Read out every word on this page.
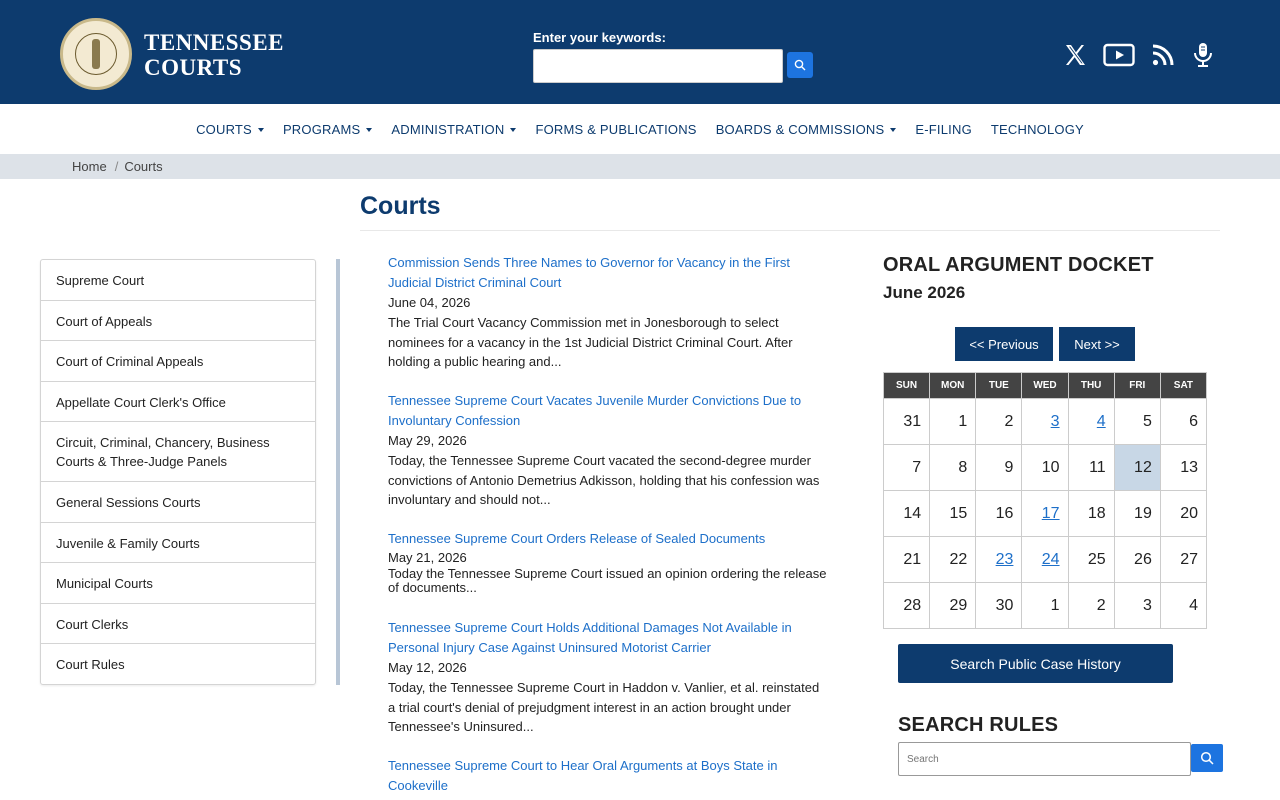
TENNESSEE
COURTS
Enter your keywords:
COURTS	PROGRAMS	ADMINISTRATION	FORMS & PUBLICATIONS	BOARDS & COMMISSIONS	E-FILING	TECHNOLOGY
Home / Courts
Courts
Supreme Court
Court of Appeals
Court of Criminal Appeals
Appellate Court Clerk's Office
Circuit, Criminal, Chancery, Business Courts & Three-Judge Panels
General Sessions Courts
Juvenile & Family Courts
Municipal Courts
Court Clerks
Court Rules
Commission Sends Three Names to Governor for Vacancy in the First Judicial District Criminal Court
June 04, 2026
The Trial Court Vacancy Commission met in Jonesborough to select nominees for a vacancy in the 1st Judicial District Criminal Court. After holding a public hearing and...
Tennessee Supreme Court Vacates Juvenile Murder Convictions Due to Involuntary Confession
May 29, 2026
Today, the Tennessee Supreme Court vacated the second-degree murder convictions of Antonio Demetrius Adkisson, holding that his confession was involuntary and should not...
Tennessee Supreme Court Orders Release of Sealed Documents
May 21, 2026
Today the Tennessee Supreme Court issued an opinion ordering the release of documents...
Tennessee Supreme Court Holds Additional Damages Not Available in Personal Injury Case Against Uninsured Motorist Carrier
May 12, 2026
Today, the Tennessee Supreme Court in Haddon v. Vanlier, et al. reinstated a trial court's denial of prejudgment interest in an action brought under Tennessee's Uninsured...
Tennessee Supreme Court to Hear Oral Arguments at Boys State in Cookeville
ORAL ARGUMENT DOCKET
June 2026
<< Previous	Next >>
SUN	MON	TUE	WED	THU	FRI	SAT
31	1	2	3	4	5	6
7	8	9	10	11	12	13
14	15	16	17	18	19	20
21	22	23	24	25	26	27
28	29	30	1	2	3	4
Search Public Case History
SEARCH RULES
Search
